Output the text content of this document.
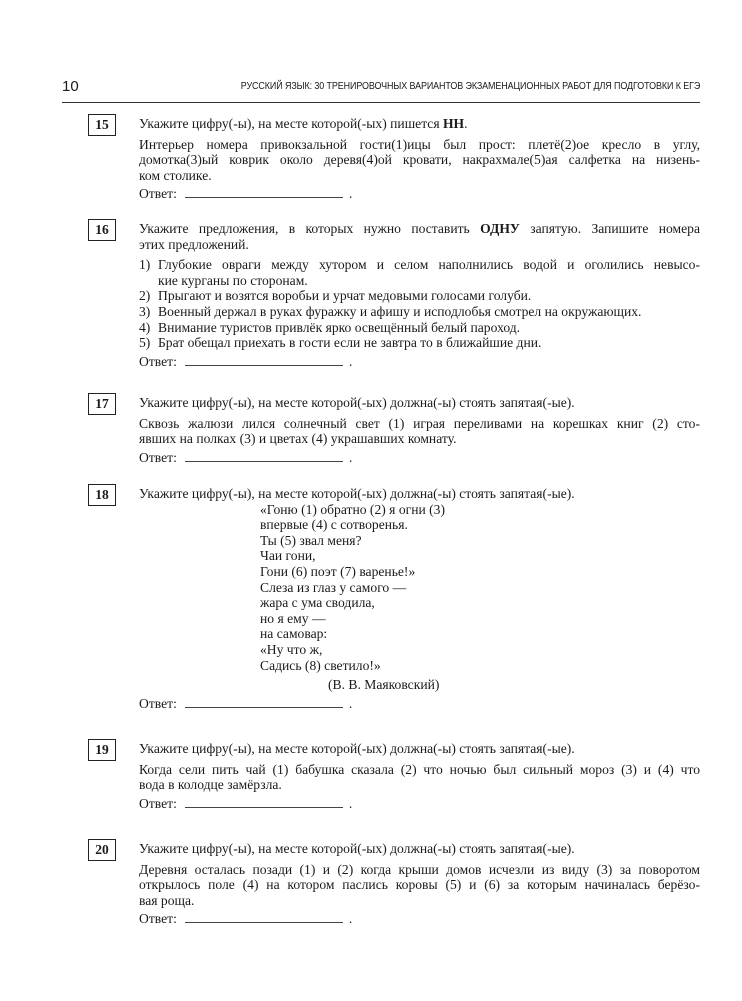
10	РУССКИЙ ЯЗЫК: 30 ТРЕНИРОВОЧНЫХ ВАРИАНТОВ ЭКЗАМЕНАЦИОННЫХ РАБОТ ДЛЯ ПОДГОТОВКИ К ЕГЭ
15	Укажите цифру(-ы), на месте которой(-ых) пишется НН.
Интерьер номера привокзальной гости(1)ицы был прост: плетё(2)ое кресло в углу,
домотка(3)ый коврик около деревя(4)ой кровати, накрахмале(5)ая салфетка на низень-
ком столике.
Ответ:	.
16	Укажите предложения, в которых нужно поставить ОДНУ запятую. Запишите номера
этих предложений.
1) Глубокие овраги между хутором и селом наполнились водой и оголились невысо-
кие курганы по сторонам.
2) Прыгают и возятся воробьи и урчат медовыми голосами голуби.
3) Военный держал в руках фуражку и афишу и исподлобья смотрел на окружающих.
4) Внимание туристов привлёк ярко освещённый белый пароход.
5) Брат обещал приехать в гости если не завтра то в ближайшие дни.
Ответ:	.
17	Укажите цифру(-ы), на месте которой(-ых) должна(-ы) стоять запятая(-ые).
Сквозь жалюзи лился солнечный свет (1) играя переливами на корешках книг (2) сто-
явших на полках (3) и цветах (4) украшавших комнату.
Ответ:	.
18	Укажите цифру(-ы), на месте которой(-ых) должна(-ы) стоять запятая(-ые).
«Гоню (1) обратно (2) я огни (3)
впервые (4) с сотворенья.
Ты (5) звал меня?
Чаи гони,
Гони (6) поэт (7) варенье!»
Слеза из глаз у самого —
жара с ума сводила,
но я ему —
на самовар:
«Ну что ж,
Садись (8) светило!»
(В. В. Маяковский)
Ответ:	.
19	Укажите цифру(-ы), на месте которой(-ых) должна(-ы) стоять запятая(-ые).
Когда сели пить чай (1) бабушка сказала (2) что ночью был сильный мороз (3) и (4) что
вода в колодце замёрзла.
Ответ:	.
20	Укажите цифру(-ы), на месте которой(-ых) должна(-ы) стоять запятая(-ые).
Деревня осталась позади (1) и (2) когда крыши домов исчезли из виду (3) за поворотом
открылось поле (4) на котором паслись коровы (5) и (6) за которым начиналась берёзо-
вая роща.
Ответ:	.
